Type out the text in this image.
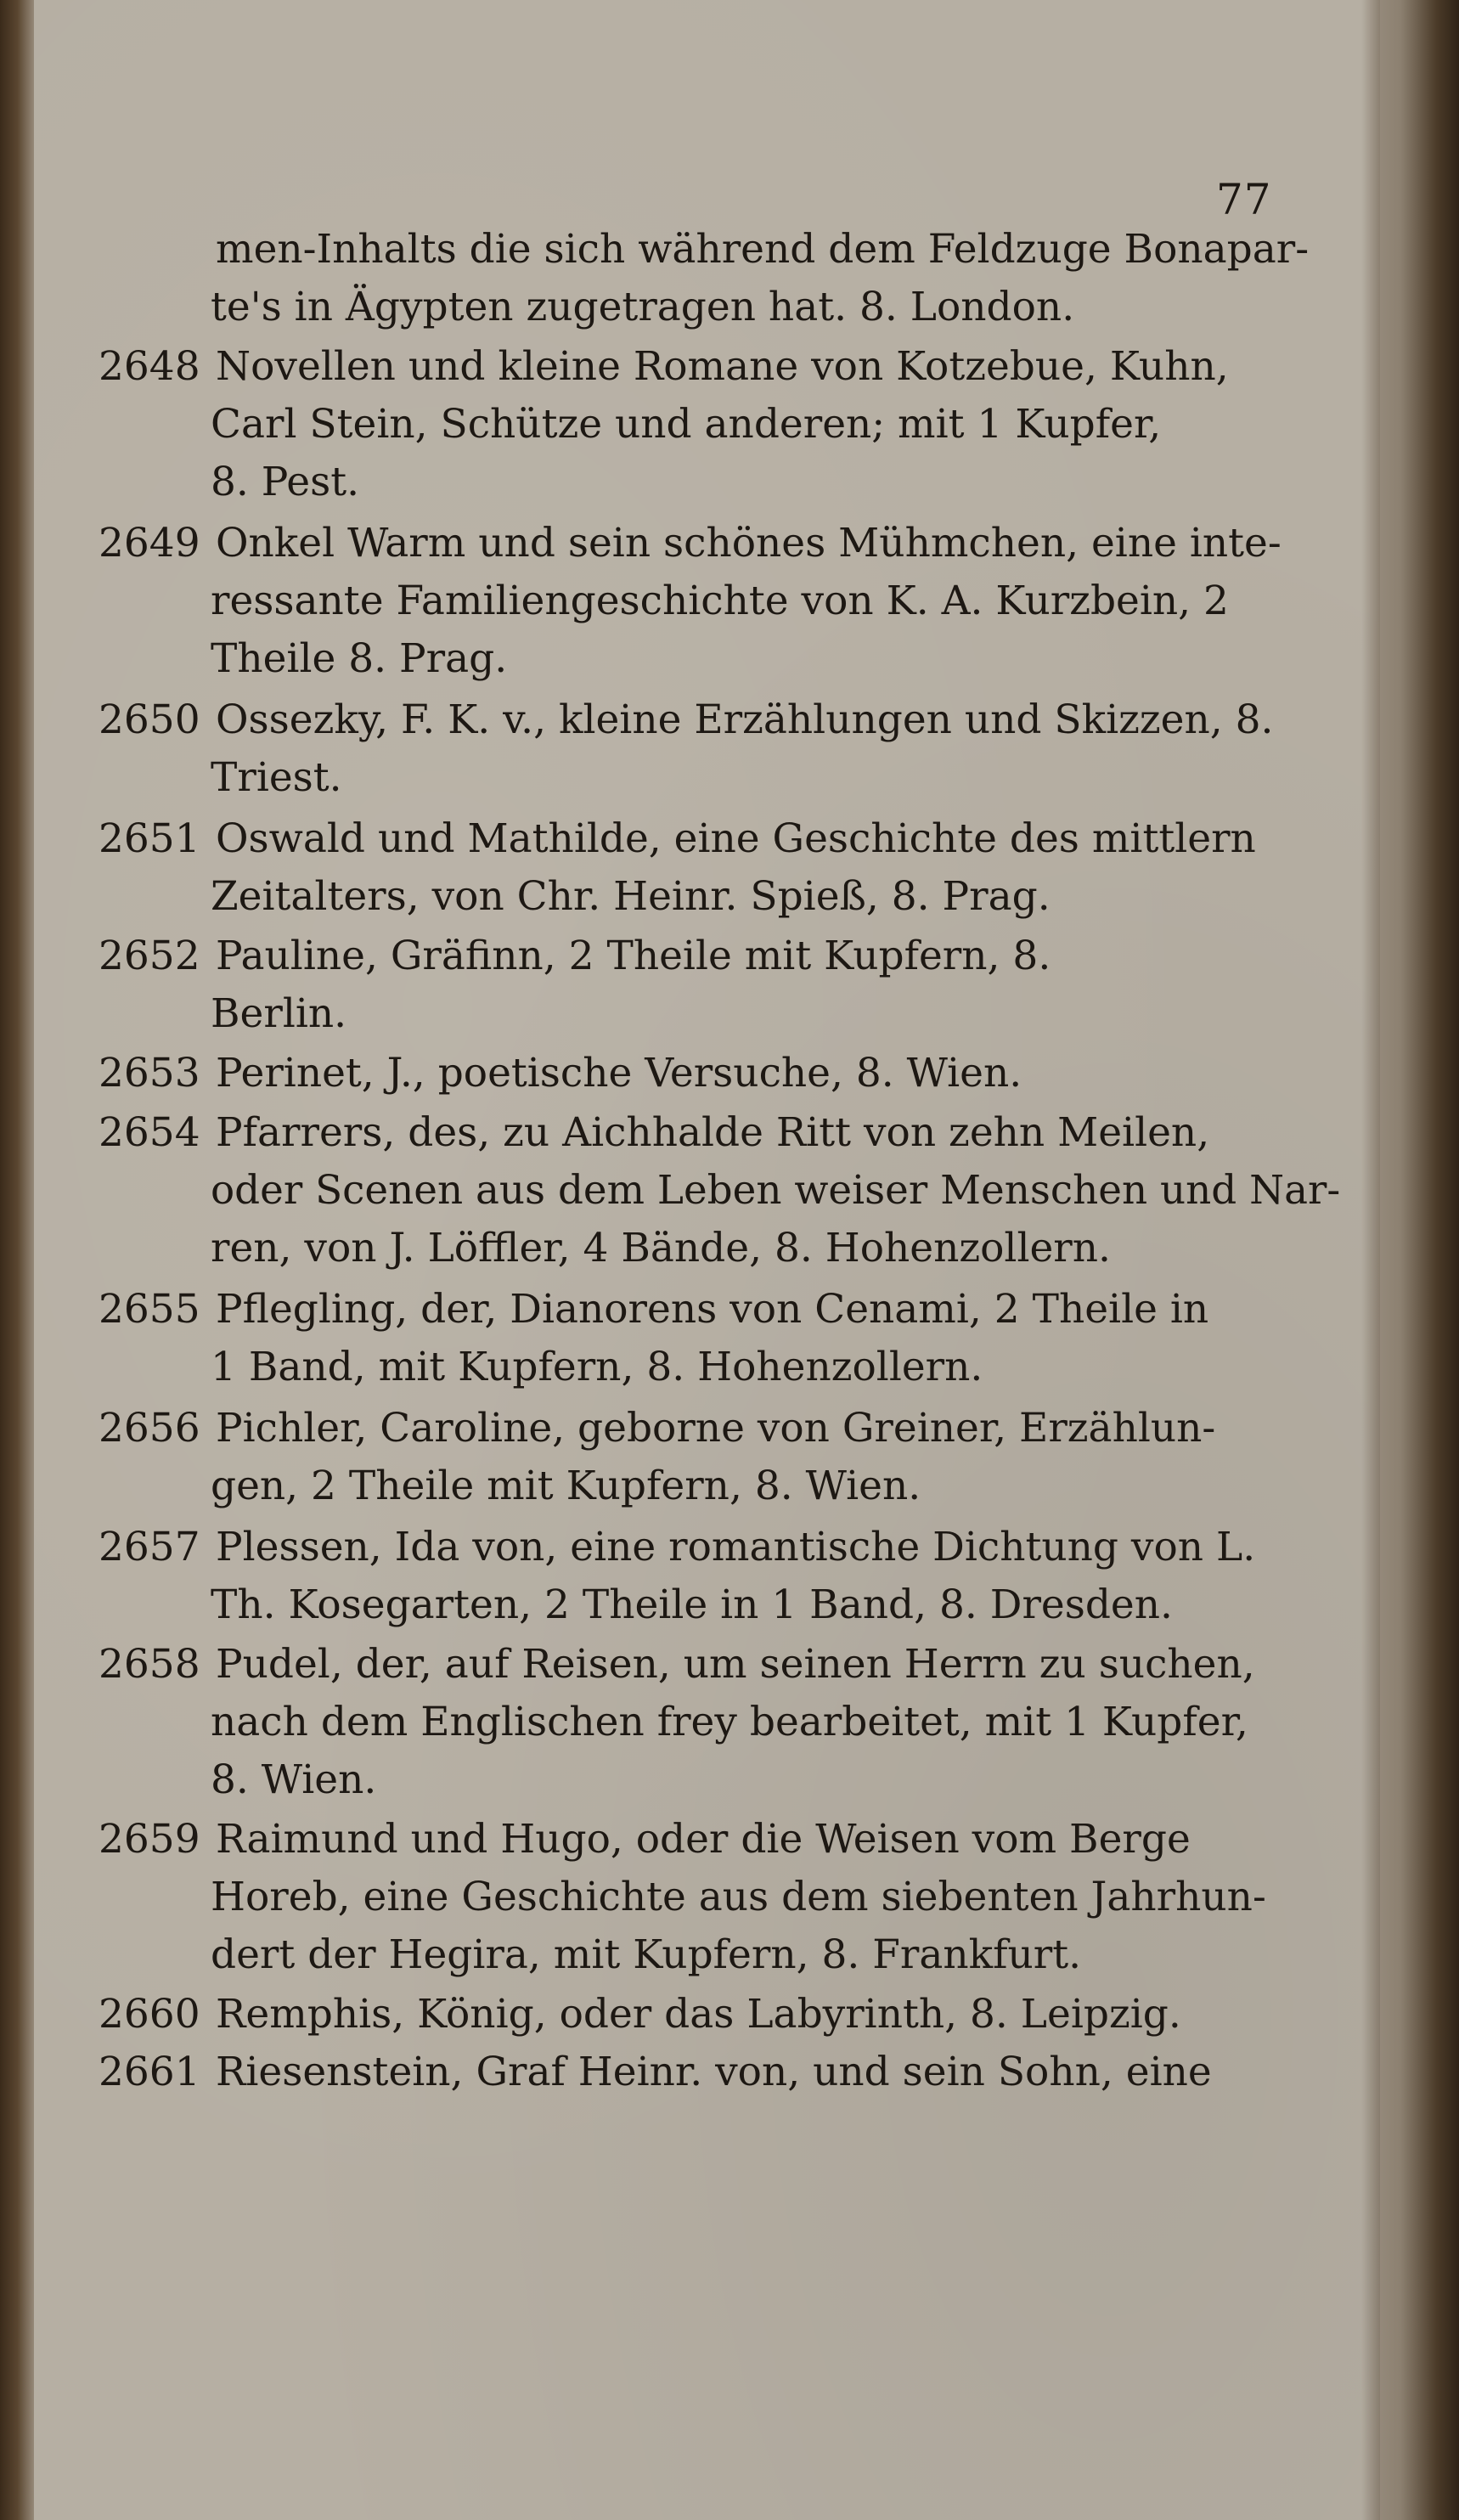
77
men-Inhalts die sich während dem Feldzuge Bonapar-
te's in Ägypten zugetragen hat. 8. London.
2648 Novellen und kleine Romane von Kotzebue, Kuhn,
Carl Stein, Schütze und anderen; mit 1 Kupfer,
8. Pest.
2649 Onkel Warm und sein schönes Mühmchen, eine inte-
ressante Familiengeschichte von K. A. Kurzbein, 2
Theile 8. Prag.
2650 Ossezky, F. K. v., kleine Erzählungen und Skizzen, 8.
Triest.
2651 Oswald und Mathilde, eine Geschichte des mittlern
Zeitalters, von Chr. Heinr. Spieß, 8. Prag.
2652 Pauline, Gräfinn, 2 Theile mit Kupfern, 8.
Berlin.
2653 Perinet, J., poetische Versuche, 8. Wien.
2654 Pfarrers, des, zu Aichhalde Ritt von zehn Meilen,
oder Scenen aus dem Leben weiser Menschen und Nar-
ren, von J. Löffler, 4 Bände, 8. Hohenzollern.
2655 Pflegling, der, Dianorens von Cenami, 2 Theile in
1 Band, mit Kupfern, 8. Hohenzollern.
2656 Pichler, Caroline, geborne von Greiner, Erzählun-
gen, 2 Theile mit Kupfern, 8. Wien.
2657 Plessen, Ida von, eine romantische Dichtung von L.
Th. Kosegarten, 2 Theile in 1 Band, 8. Dresden.
2658 Pudel, der, auf Reisen, um seinen Herrn zu suchen,
nach dem Englischen frey bearbeitet, mit 1 Kupfer,
8. Wien.
2659 Raimund und Hugo, oder die Weisen vom Berge
Horeb, eine Geschichte aus dem siebenten Jahrhun-
dert der Hegira, mit Kupfern, 8. Frankfurt.
2660 Remphis, König, oder das Labyrinth, 8. Leipzig.
2661 Riesenstein, Graf Heinr. von, und sein Sohn, eine
